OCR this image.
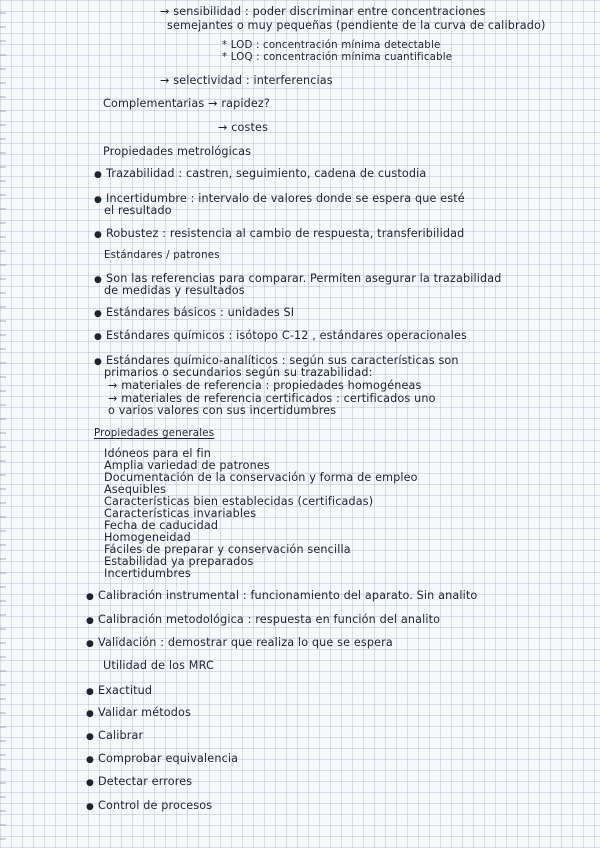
→ sensibilidad : poder discriminar entre concentraciones

semejantes o muy pequeñas (pendiente de la curva de calibrado)

* LOD : concentración mínima detectable

* LOQ : concentración mínima cuantificable

→ selectividad : interferencias

Complementarias → rapidez?

→ costes

Propiedades metrológicas

● Trazabilidad : castren, seguimiento, cadena de custodia

● Incertidumbre : intervalo de valores donde se espera que esté

el resultado

● Robustez : resistencia al cambio de respuesta, transferibilidad

Estándares / patrones

● Son las referencias para comparar. Permiten asegurar la trazabilidad

de medidas y resultados

● Estándares básicos : unidades SI

● Estándares químicos : isótopo C-12 , estándares operacionales

● Estándares químico-analíticos : según sus características son

primarios o secundarios según su trazabilidad:

→ materiales de referencia : propiedades homogéneas

→ materiales de referencia certificados : certificados uno

o varios valores con sus incertidumbres

Propiedades generales

Idóneos para el fin

Amplia variedad de patrones

Documentación de la conservación y forma de empleo

Asequibles

Características bien establecidas (certificadas)

Características invariables

Fecha de caducidad

Homogeneidad

Fáciles de preparar y conservación sencilla

Estabilidad ya preparados

Incertidumbres

● Calibración instrumental : funcionamiento del aparato. Sin analito

● Calibración metodológica : respuesta en función del analito

● Validación : demostrar que realiza lo que se espera

Utilidad de los MRC

● Exactitud

● Validar métodos

● Calibrar

● Comprobar equivalencia

● Detectar errores

● Control de procesos
